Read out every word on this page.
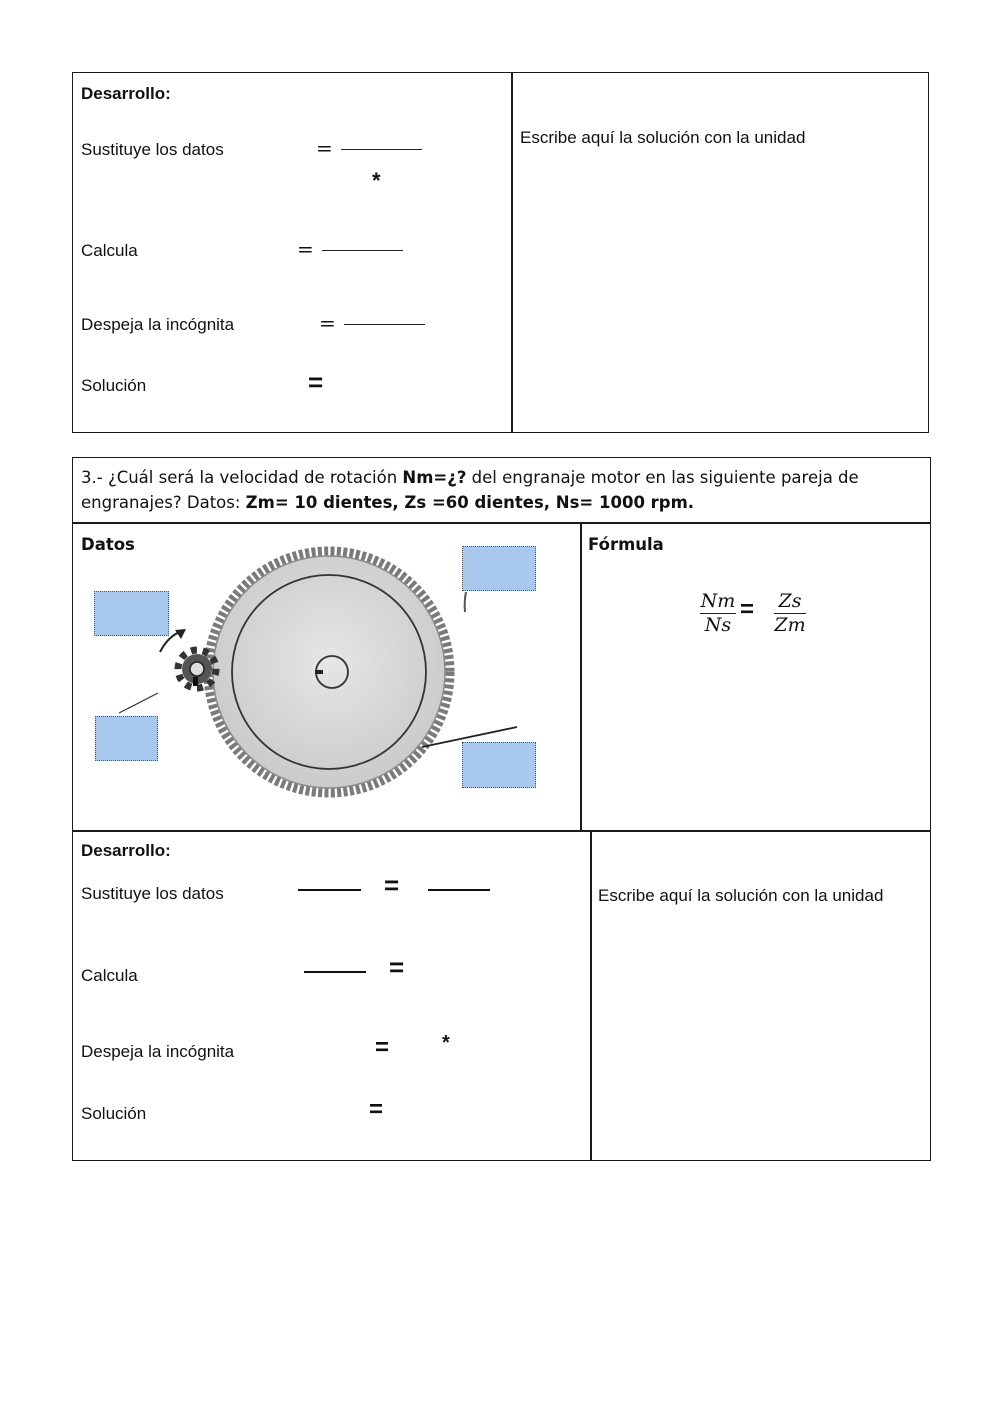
Desarrollo:
Sustituye los datos	=
*
Calcula	=
Despeja la incógnita	=
Solución	=
Escribe aquí la solución con la unidad
3.- ¿Cuál será la velocidad de rotación Nm=¿? del engranaje motor en las siguiente pareja de
engranajes? Datos: Zm= 10 dientes, Zs =60 dientes, Ns= 1000 rpm.
Datos	Fórmula
Nm
Ns
=	Zs
Zm
Desarrollo:
Sustituye los datos	=
Calcula	=
Despeja la incógnita	=	*
Solución	=
Escribe aquí la solución con la unidad
